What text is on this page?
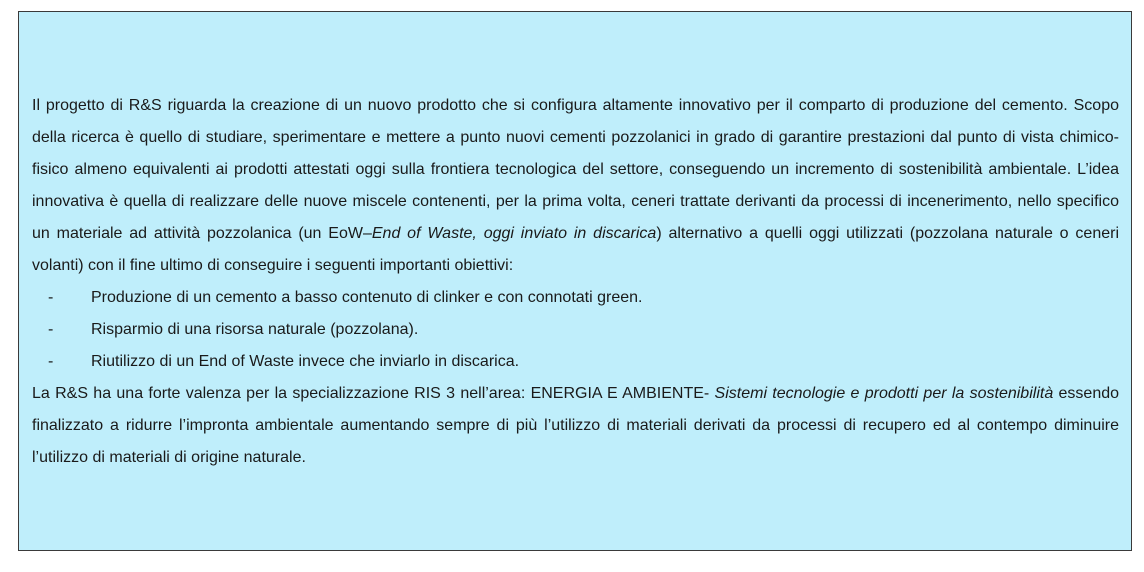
Il progetto di R&S riguarda la creazione di un nuovo prodotto che si configura altamente innovativo per il comparto di produzione del cemento. Scopo della ricerca è quello di studiare, sperimentare e mettere a punto nuovi cementi pozzolanici in grado di garantire prestazioni dal punto di vista chimico-fisico almeno equivalenti ai prodotti attestati oggi sulla frontiera tecnologica del settore, conseguendo un incremento di sostenibilità ambientale. L’idea innovativa è quella di realizzare delle nuove miscele contenenti, per la prima volta, ceneri trattate derivanti da processi di incenerimento, nello specifico un materiale ad attività pozzolanica (un EoW–End of Waste, oggi inviato in discarica) alternativo a quelli oggi utilizzati (pozzolana naturale o ceneri volanti) con il fine ultimo di conseguire i seguenti importanti obiettivi:

- Produzione di un cemento a basso contenuto di clinker e con connotati green.
- Risparmio di una risorsa naturale (pozzolana).
- Riutilizzo di un End of Waste invece che inviarlo in discarica.

La R&S ha una forte valenza per la specializzazione RIS 3 nell’area: ENERGIA E AMBIENTE- Sistemi tecnologie e prodotti per la sostenibilità essendo finalizzato a ridurre l’impronta ambientale aumentando sempre di più l’utilizzo di materiali derivati da processi di recupero ed al contempo diminuire l’utilizzo di materiali di origine naturale.
